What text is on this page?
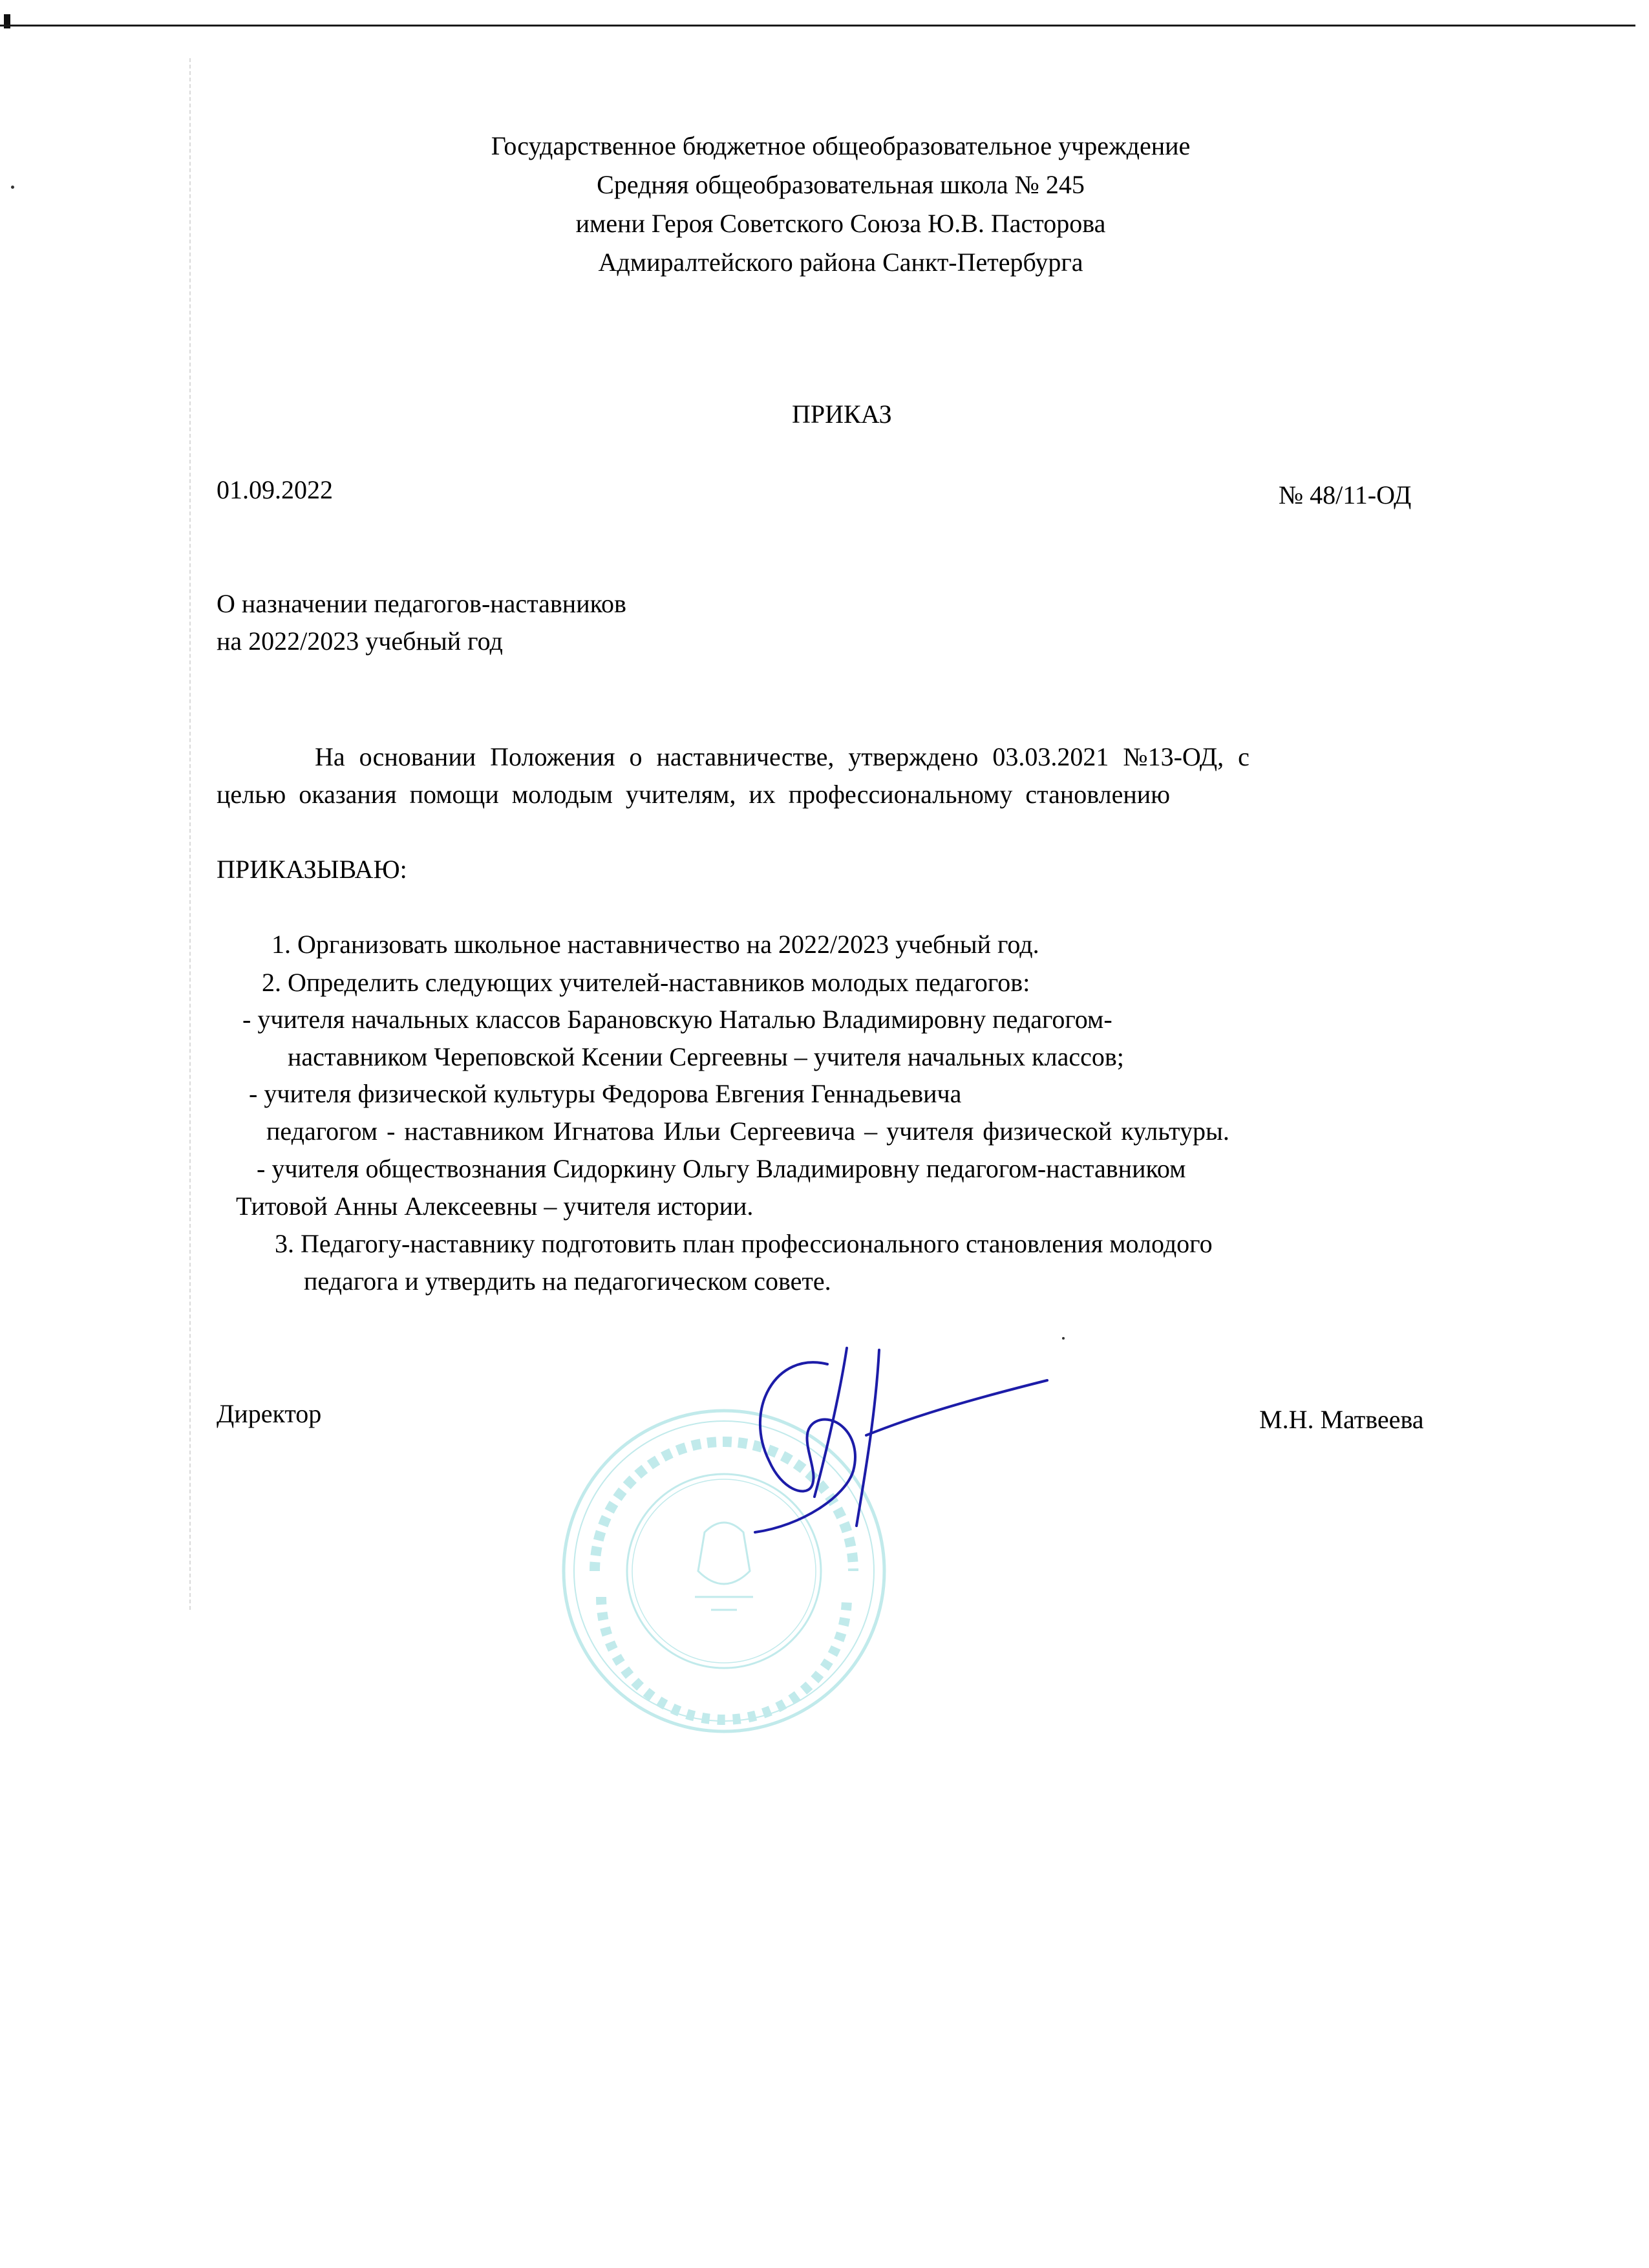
Государственное бюджетное общеобразовательное учреждение
Средняя общеобразовательная школа № 245
имени Героя Советского Союза Ю.В. Пасторова
Адмиралтейского района Санкт-Петербурга
ПРИКАЗ
01.09.2022	№ 48/11-ОД
О назначении педагогов-наставников
на 2022/2023 учебный год
На основании Положения о наставничестве, утверждено 03.03.2021 №13-ОД, с
целью оказания помощи молодым учителям, их профессиональному становлению
ПРИКАЗЫВАЮ:
1. Организовать школьное наставничество на 2022/2023 учебный год.
2. Определить следующих учителей-наставников молодых педагогов:
- учителя начальных классов Барановскую Наталью Владимировну педагогом-
наставником Череповской Ксении Сергеевны – учителя начальных классов;
- учителя физической культуры Федорова Евгения Геннадьевича
педагогом - наставником Игнатова Ильи Сергеевича – учителя физической культуры.
- учителя обществознания Сидоркину Ольгу Владимировну педагогом-наставником
Титовой Анны Алексеевны – учителя истории.
3. Педагогу-наставнику подготовить план профессионального становления молодого
педагога и утвердить на педагогическом совете.
Директор	М.Н. Матвеева
